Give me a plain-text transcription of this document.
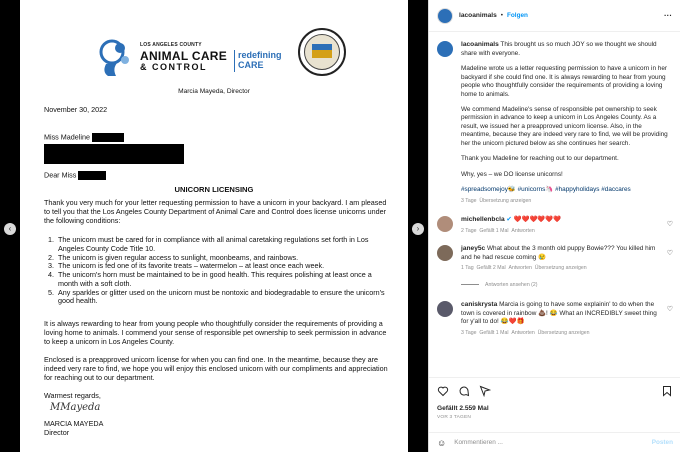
‹	›
LOS ANGELES COUNTY
ANIMAL CARE
& CONTROL
redefining CARE
Marcia Mayeda, Director
November 30, 2022
Miss Madeline
Dear Miss
UNICORN LICENSING
Thank you very much for your letter requesting permission to have a unicorn in your backyard. I am pleased to tell you that the Los Angeles County Department of Animal Care and Control does license unicorns under the following conditions:
1. The unicorn must be cared for in compliance with all animal caretaking regulations set forth in Los Angeles County Code Title 10.
2. The unicorn is given regular access to sunlight, moonbeams, and rainbows.
3. The unicorn is fed one of its favorite treats – watermelon – at least once each week.
4. The unicorn's horn must be maintained to be in good health. This requires polishing at least once a month with a soft cloth.
5. Any sparkles or glitter used on the unicorn must be nontoxic and biodegradable to ensure the unicorn's good health.
It is always rewarding to hear from young people who thoughtfully consider the requirements of providing a loving home to animals. I commend your sense of responsible pet ownership to seek permission in advance to keep a unicorn in Los Angeles County.
Enclosed is a preapproved unicorn license for when you can find one. In the meantime, because they are indeed very rare to find, we hope you will enjoy this enclosed unicorn with our compliments and appreciation for reaching out to our department.
Warmest regards,
MMayeda
MARCIA MAYEDA
Director
lacoanimals • Folgen	···
lacoanimals This brought us so much JOY so we thought we should share with everyone.
Madeline wrote us a letter requesting permission to have a unicorn in her backyard if she could find one. It is always rewarding to hear from young people who thoughtfully consider the requirements of providing a loving home to animals.
We commend Madeline's sense of responsible pet ownership to seek permission in advance to keep a unicorn in Los Angeles County. As a result, we issued her a preapproved unicorn license. Also, in the meantime, because they are indeed very rare to find, we will be providing her the unicorn pictured below as she continues her search.
Thank you Madeline for reaching out to our department.
Why, yes – we DO license unicorns!
#spreadsomejoy🐝 #unicorns🦄 #happyholidays #daccares
3 Tage Übersetzung anzeigen
michellenbcla ✔ ❤️❤️❤️❤️❤️❤️
2 Tage Gefällt 1 Mal Antworten
♡
janey5c What about the 3 month old puppy Bowie??? You killed him and he had rescue coming 😢
1 Tag Gefällt 2 Mal Antworten Übersetzung anzeigen
Antworten ansehen (2)
♡
caniskrysta Marcia is going to have some explainin' to do when the town is covered in rainbow 💩! 😂 What an INCREDIBLY sweet thing for y'all to do! 😂❤️🎁
3 Tage Gefällt 1 Mal Antworten Übersetzung anzeigen
♡
Gefällt 2.559 Mal
VOR 3 TAGEN
☺ Kommentieren ...	Posten
